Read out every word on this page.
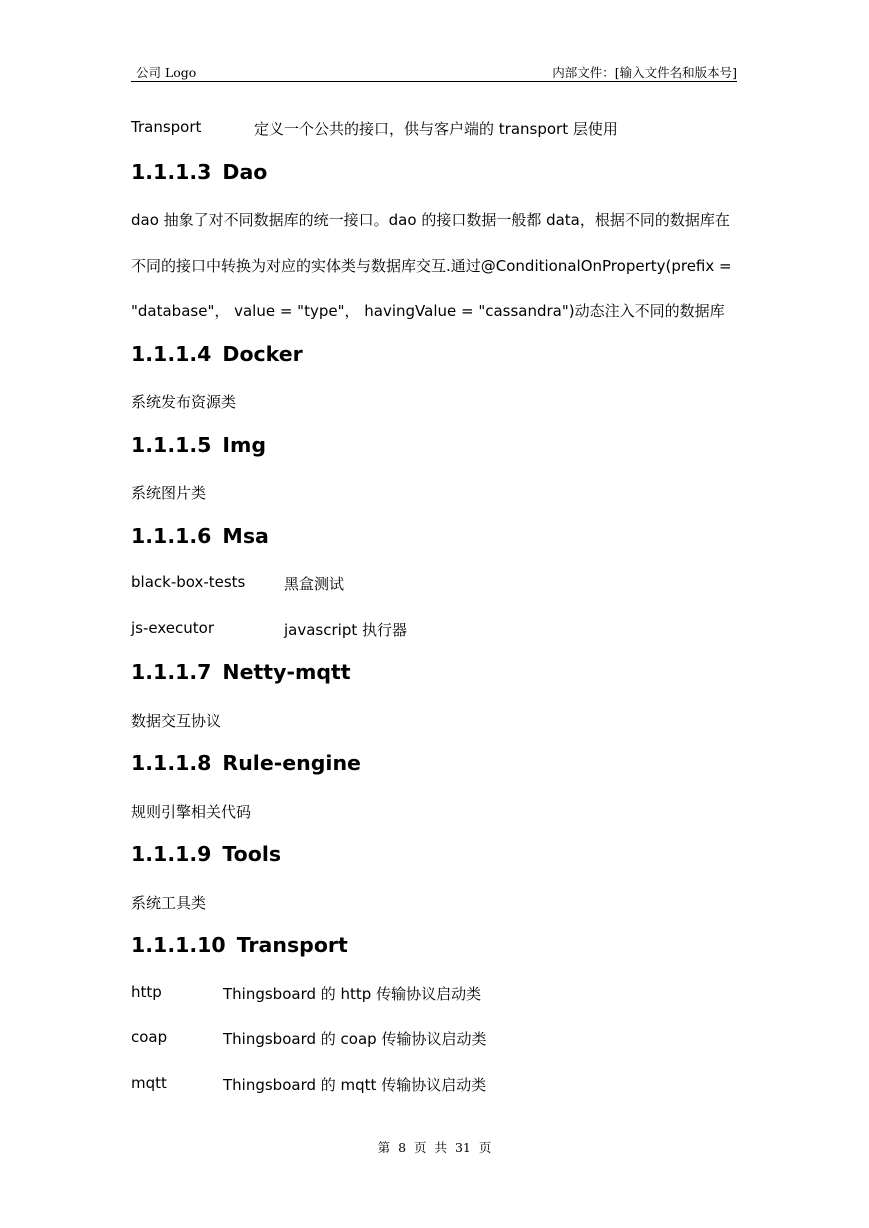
公司 Logo	内部文件：[输入文件名和版本号]
Transport	定义一个公共的接口，供与客户端的 transport 层使用
1.1.1.3 Dao
dao 抽象了对不同数据库的统一接口。dao 的接口数据一般都 data，根据不同的数据库在
不同的接口中转换为对应的实体类与数据库交互.通过@ConditionalOnProperty(prefix =
"database"， value = "type"， havingValue = "cassandra")动态注入不同的数据库
1.1.1.4 Docker
系统发布资源类
1.1.1.5 Img
系统图片类
1.1.1.6 Msa
black-box-tests	黑盒测试
js-executor	javascript 执行器
1.1.1.7 Netty-mqtt
数据交互协议
1.1.1.8 Rule-engine
规则引擎相关代码
1.1.1.9 Tools
系统工具类
1.1.1.10 Transport
http	Thingsboard 的 http 传输协议启动类
coap	Thingsboard 的 coap 传输协议启动类
mqtt	Thingsboard 的 mqtt 传输协议启动类
第 8 页 共 31 页
